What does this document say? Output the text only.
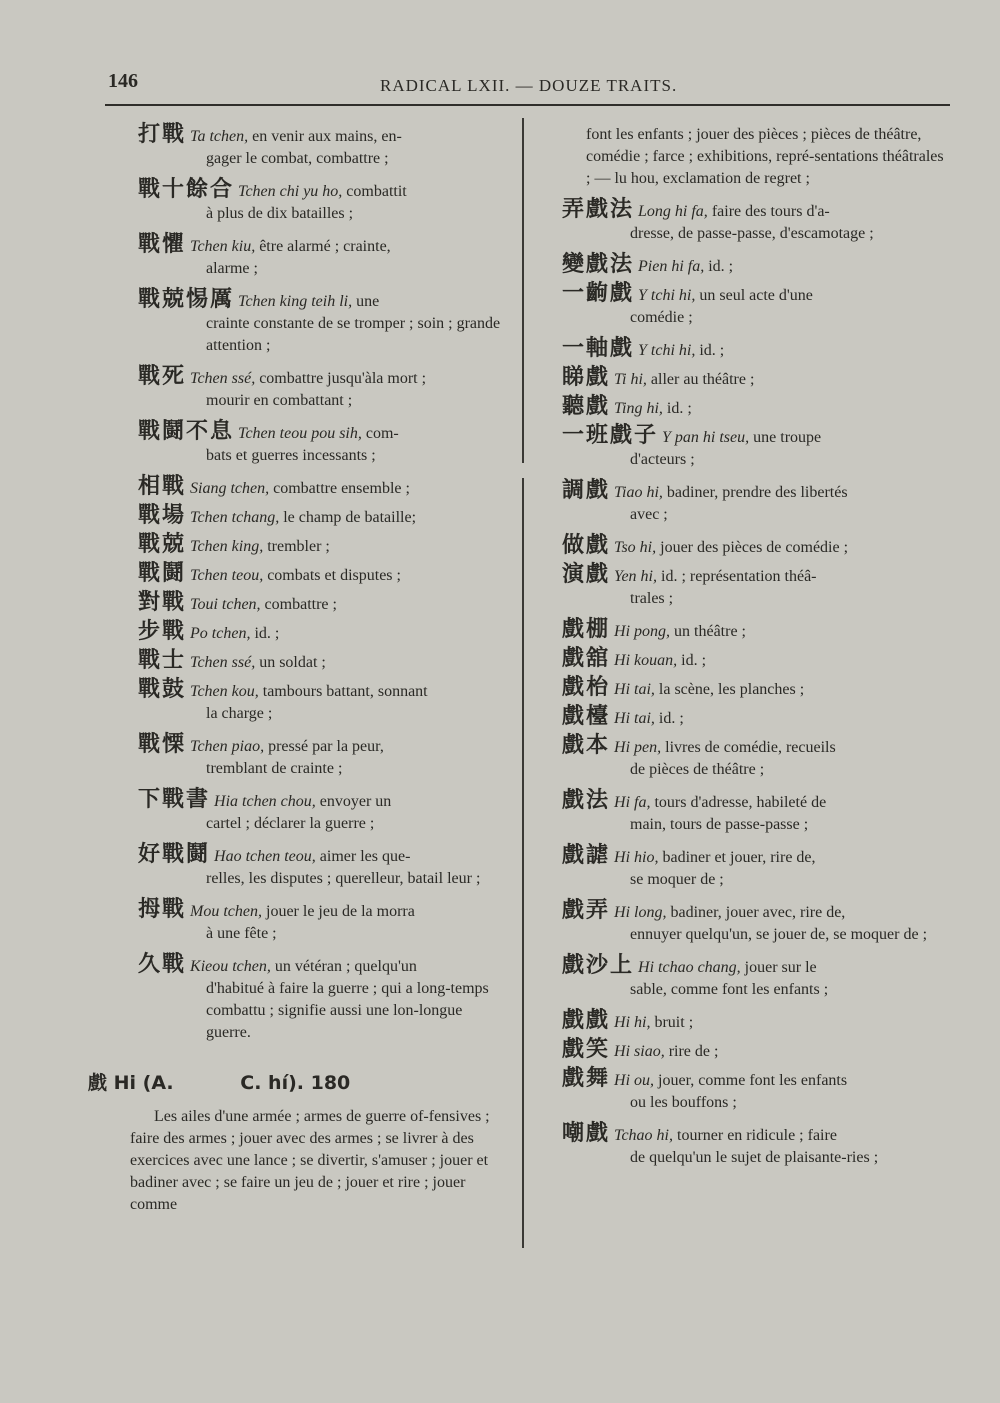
146	RADICAL LXII. — DOUZE TRAITS.
打戰 Ta tchen, en venir aux mains, en-
gager le combat, combattre ;
戰十餘合 Tchen chi yu ho, combattit
à plus de dix batailles ;
戰懼 Tchen kiu, être alarmé ; crainte,
alarme ;
戰兢惕厲 Tchen king teih li, une
crainte constante de se tromper ; soin ; grande attention ;
戰死 Tchen ssé, combattre jusqu'àla mort ;
mourir en combattant ;
戰鬪不息 Tchen teou pou sih, com-
bats et guerres incessants ;
相戰 Siang tchen, combattre ensemble ;
戰場 Tchen tchang, le champ de bataille;
戰兢 Tchen king, trembler ;
戰鬪 Tchen teou, combats et disputes ;
對戰 Toui tchen, combattre ;
步戰 Po tchen, id. ;
戰士 Tchen ssé, un soldat ;
戰鼓 Tchen kou, tambours battant, sonnant
la charge ;
戰慄 Tchen piao, pressé par la peur,
tremblant de crainte ;
下戰書 Hia tchen chou, envoyer un
cartel ; déclarer la guerre ;
好戰鬪 Hao tchen teou, aimer les que-
relles, les disputes ; querelleur, batail leur ;
拇戰 Mou tchen, jouer le jeu de la morra
à une fête ;
久戰 Kieou tchen, un vétéran ; quelqu'un
d'habitué à faire la guerre ; qui a long-temps combattu ; signifie aussi une lon-longue guerre.
戲 Hi (A.	C. hí). 180
Les ailes d'une armée ; armes de guerre of-fensives ; faire des armes ; jouer avec des armes ; se livrer à des exercices avec une lance ; se divertir, s'amuser ; jouer et badiner avec ; se faire un jeu de ; jouer et rire ; jouer comme
font les enfants ; jouer des pièces ; pièces de théâtre, comédie ; farce ; exhibitions, repré-sentations théâtrales ; — lu hou, exclamation de regret ;
弄戲法 Long hi fa, faire des tours d'a-
dresse, de passe-passe, d'escamotage ;
變戲法 Pien hi fa, id. ;
一齣戲 Y tchi hi, un seul acte d'une
comédie ;
一軸戲 Y tchi hi, id. ;
睇戲 Ti hi, aller au théâtre ;
聽戲 Ting hi, id. ;
一班戲子 Y pan hi tseu, une troupe
d'acteurs ;
調戲 Tiao hi, badiner, prendre des libertés
avec ;
做戲 Tso hi, jouer des pièces de comédie ;
演戲 Yen hi, id. ; représentation théâ-
trales ;
戲棚 Hi pong, un théâtre ;
戲舘 Hi kouan, id. ;
戲枱 Hi tai, la scène, les planches ;
戲檯 Hi tai, id. ;
戲本 Hi pen, livres de comédie, recueils
de pièces de théâtre ;
戲法 Hi fa, tours d'adresse, habileté de
main, tours de passe-passe ;
戲謔 Hi hio, badiner et jouer, rire de,
se moquer de ;
戲弄 Hi long, badiner, jouer avec, rire de,
ennuyer quelqu'un, se jouer de, se moquer de ;
戲沙上 Hi tchao chang, jouer sur le
sable, comme font les enfants ;
戲戲 Hi hi, bruit ;
戲笑 Hi siao, rire de ;
戲舞 Hi ou, jouer, comme font les enfants
ou les bouffons ;
嘲戲 Tchao hi, tourner en ridicule ; faire
de quelqu'un le sujet de plaisante-ries ;
